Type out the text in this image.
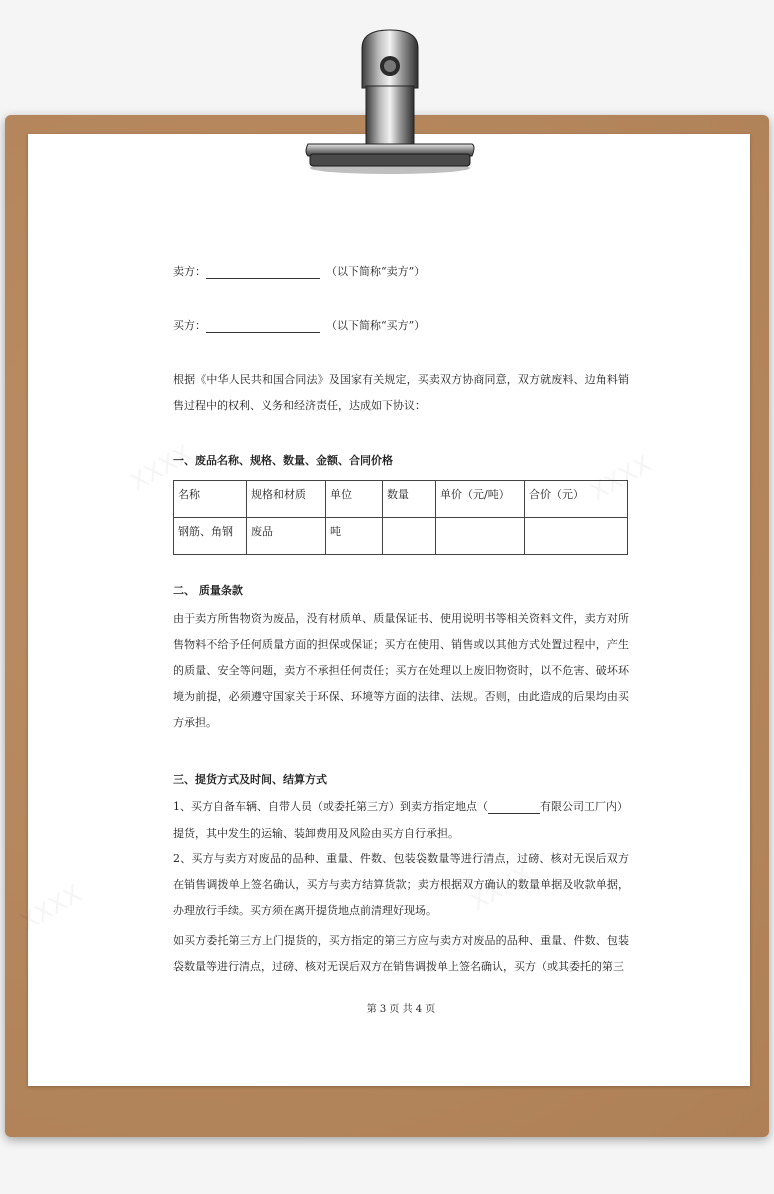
卖方：	（以下简称“卖方”）
买方：	（以下简称“买方”）
根据《中华人民共和国合同法》及国家有关规定，买卖双方协商同意，双方就废料、边角料销售过程中的权利、义务和经济责任，达成如下协议：
一、废品名称、规格、数量、金额、合同价格
名称	规格和材质	单位	数量	单价（元/吨）	合价（元）
钢筋、角钢	废品	吨			
二、 质量条款
由于卖方所售物资为废品，没有材质单、质量保证书、使用说明书等相关资料文件，卖方对所售物料不给予任何质量方面的担保或保证；买方在使用、销售或以其他方式处置过程中，产生的质量、安全等问题，卖方不承担任何责任；买方在处理以上废旧物资时，以不危害、破坏环境为前提，必须遵守国家关于环保、环境等方面的法律、法规。否则，由此造成的后果均由买方承担。
三、提货方式及时间、结算方式
1、买方自备车辆、自带人员（或委托第三方）到卖方指定地点（	有限公司工厂内）
提货，其中发生的运输、装卸费用及风险由买方自行承担。
2、买方与卖方对废品的品种、重量、件数、包装袋数量等进行清点，过磅、核对无误后双方在销售调拨单上签名确认，买方与卖方结算货款；卖方根据双方确认的数量单据及收款单据，办理放行手续。买方须在离开提货地点前清理好现场。
如买方委托第三方上门提货的，买方指定的第三方应与卖方对废品的品种、重量、件数、包装袋数量等进行清点，过磅、核对无误后双方在销售调拨单上签名确认，买方（或其委托的第三
第 3 页 共 4 页
